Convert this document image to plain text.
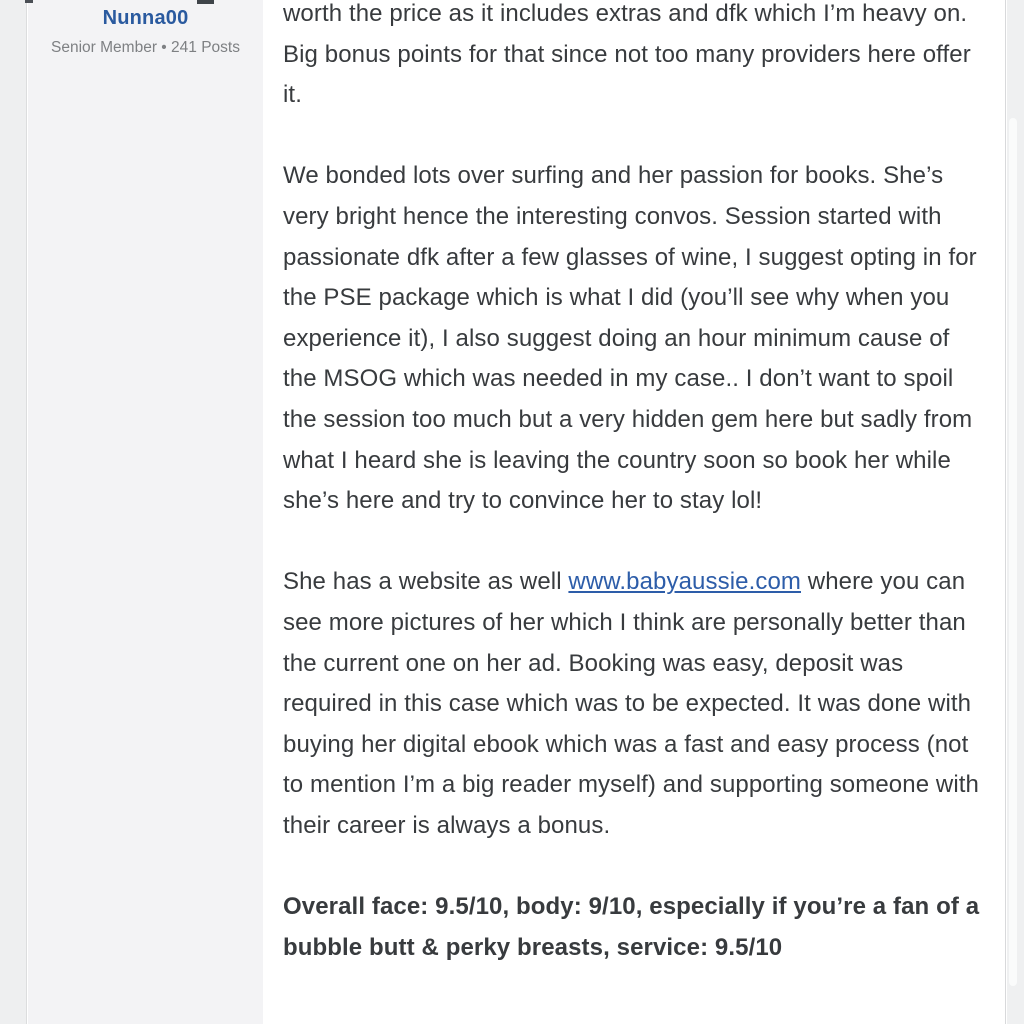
Nunna00
Senior Member • 241 Posts

worth the price as it includes extras and dfk which I’m heavy on. Big bonus points for that since not too many providers here offer it.

We bonded lots over surfing and her passion for books. She’s very bright hence the interesting convos. Session started with passionate dfk after a few glasses of wine, I suggest opting in for the PSE package which is what I did (you’ll see why when you experience it), I also suggest doing an hour minimum cause of the MSOG which was needed in my case.. I don’t want to spoil the session too much but a very hidden gem here but sadly from what I heard she is leaving the country soon so book her while she’s here and try to convince her to stay lol!

She has a website as well www.babyaussie.com where you can see more pictures of her which I think are personally better than the current one on her ad. Booking was easy, deposit was required in this case which was to be expected. It was done with buying her digital ebook which was a fast and easy process (not to mention I’m a big reader myself) and supporting someone with their career is always a bonus.

Overall face: 9.5/10, body: 9/10, especially if you’re a fan of a bubble butt & perky breasts, service: 9.5/10
